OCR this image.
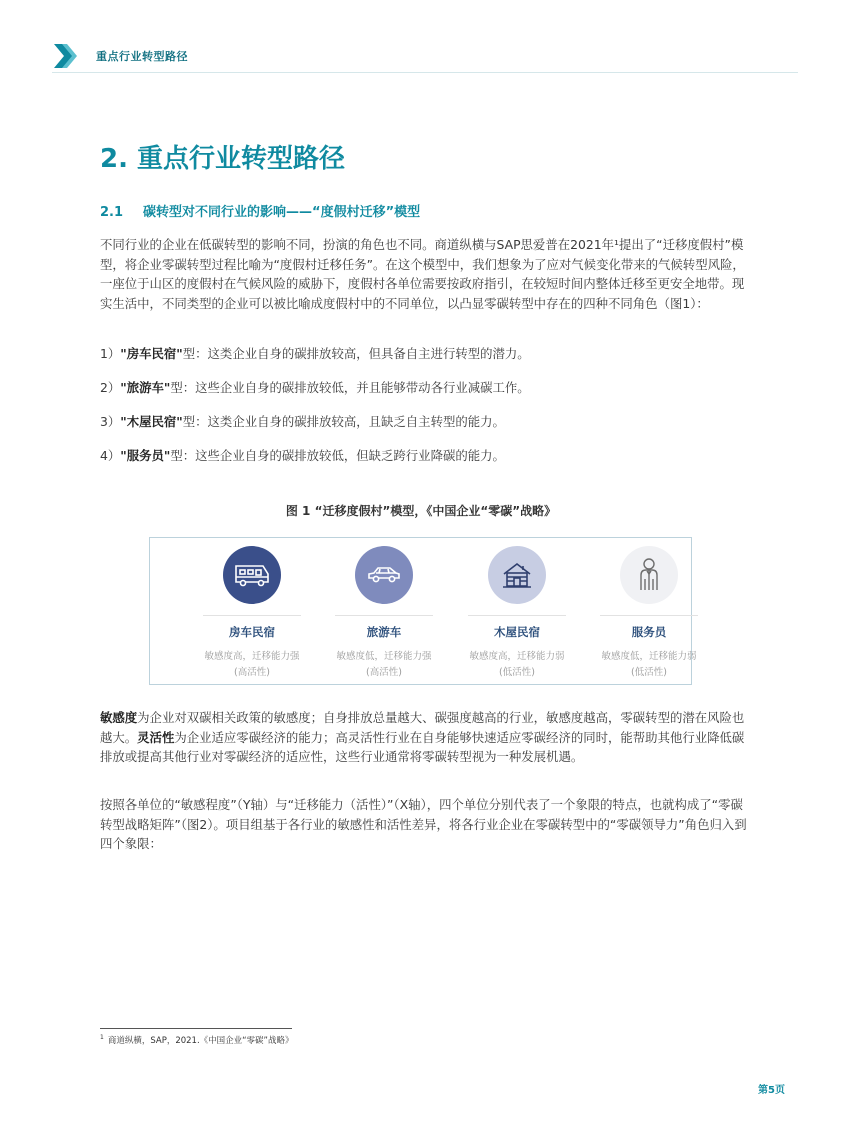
重点行业转型路径
2. 重点行业转型路径
2.1 碳转型对不同行业的影响——“度假村迁移”模型
不同行业的企业在低碳转型的影响不同，扮演的角色也不同。商道纵横与SAP思爱普在2021年¹提出了“迁移度假村”模型，将企业零碳转型过程比喻为“度假村迁移任务”。在这个模型中，我们想象为了应对气候变化带来的气候转型风险，一座位于山区的度假村在气候风险的威胁下，度假村各单位需要按政府指引，在较短时间内整体迁移至更安全地带。现实生活中，不同类型的企业可以被比喻成度假村中的不同单位，以凸显零碳转型中存在的四种不同角色（图1）：
1）"房车民宿"型：这类企业自身的碳排放较高，但具备自主进行转型的潜力。
2）"旅游车"型：这些企业自身的碳排放较低，并且能够带动各行业减碳工作。
3）"木屋民宿"型：这类企业自身的碳排放较高，且缺乏自主转型的能力。
4）"服务员"型：这些企业自身的碳排放较低，但缺乏跨行业降碳的能力。
图 1 “迁移度假村”模型，《中国企业“零碳”战略》
房车民宿
敏感度高，迁移能力强
(高活性)
旅游车
敏感度低，迁移能力强
(高活性)
木屋民宿
敏感度高，迁移能力弱
(低活性)
服务员
敏感度低，迁移能力弱
(低活性)
敏感度为企业对双碳相关政策的敏感度；自身排放总量越大、碳强度越高的行业，敏感度越高，零碳转型的潜在风险也越大。灵活性为企业适应零碳经济的能力；高灵活性行业在自身能够快速适应零碳经济的同时，能帮助其他行业降低碳排放或提高其他行业对零碳经济的适应性，这些行业通常将零碳转型视为一种发展机遇。
按照各单位的“敏感程度”（Y轴）与“迁移能力（活性）”（X轴），四个单位分别代表了一个象限的特点，也就构成了“零碳转型战略矩阵”（图2）。项目组基于各行业的敏感性和活性差异，将各行业企业在零碳转型中的“零碳领导力”角色归入到四个象限：
$^1$ 商道纵横，SAP，2021.《中国企业“零碳”战略》
第5页
